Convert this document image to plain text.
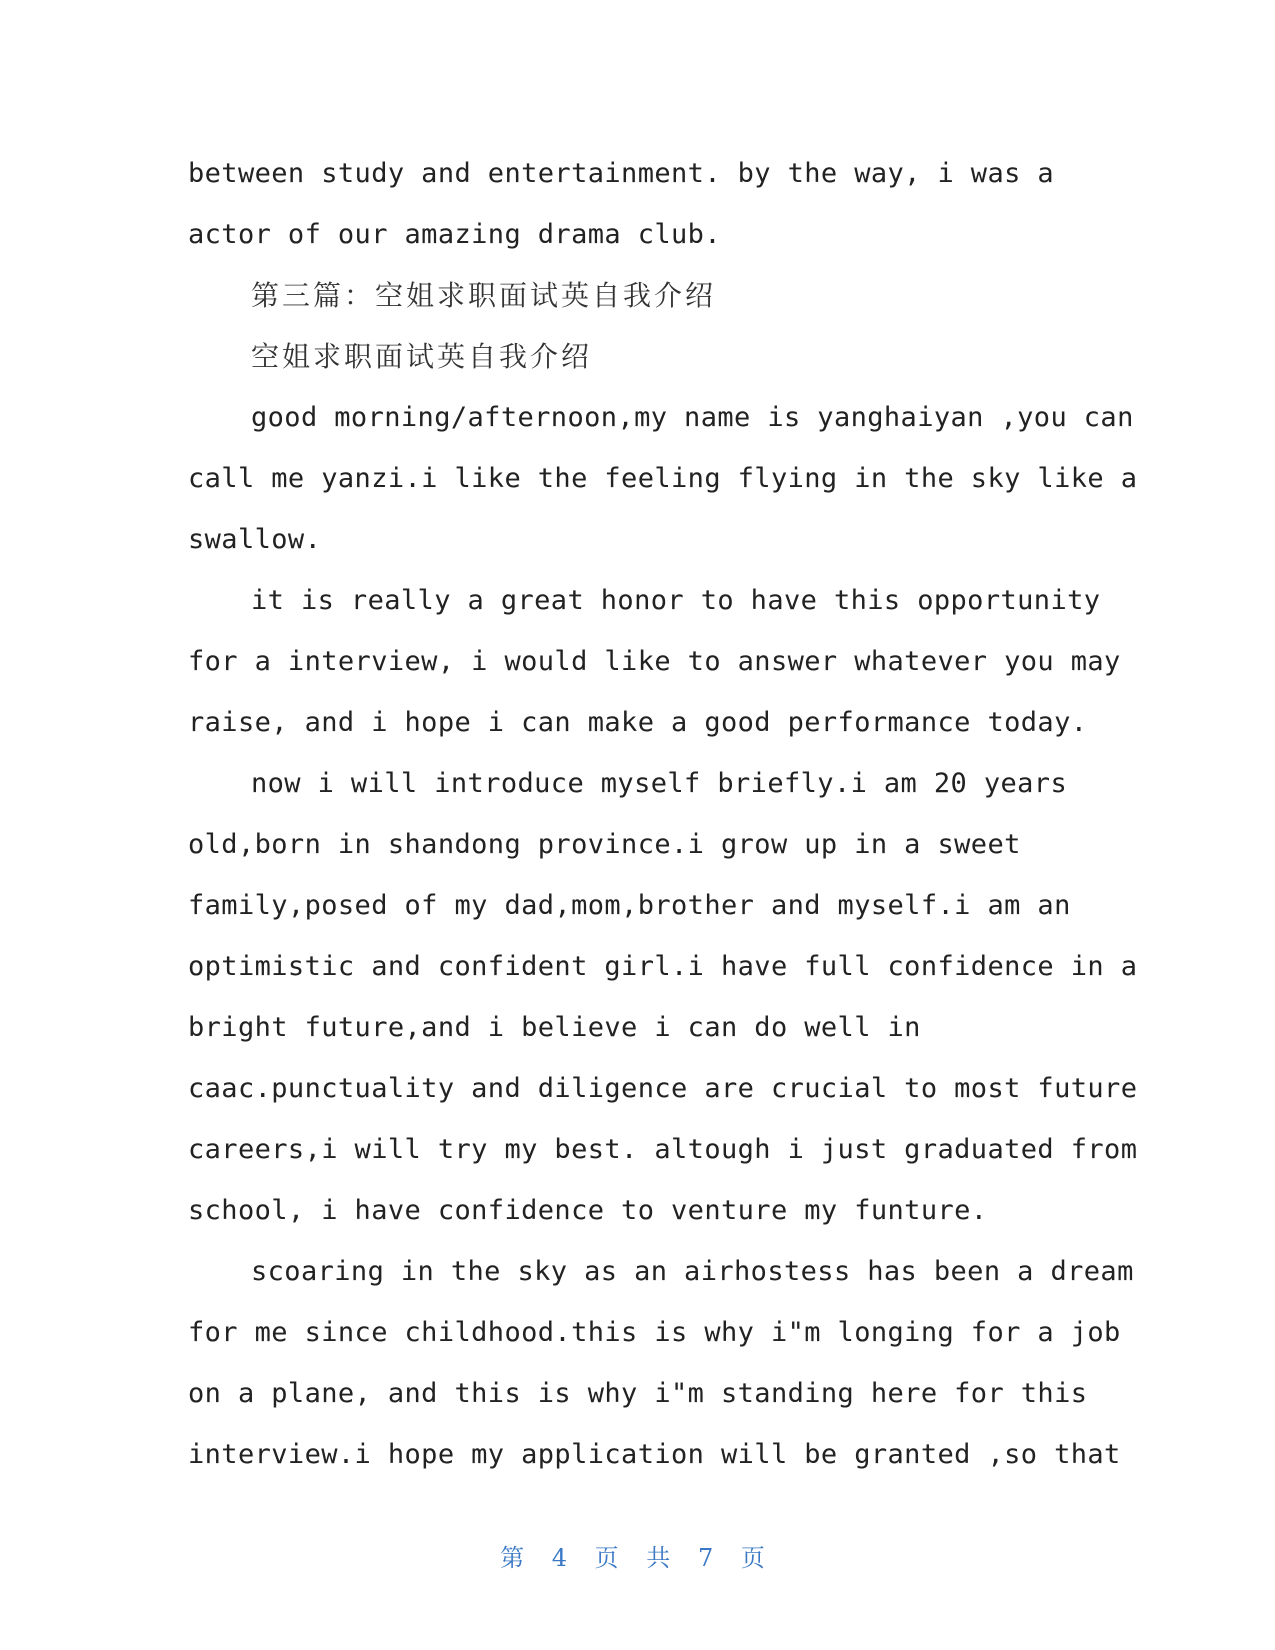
between study and entertainment. by the way, i was a
actor of our amazing drama club.
第三篇：空姐求职面试英自我介绍
空姐求职面试英自我介绍
good morning/afternoon,my name is yanghaiyan ,you can
call me yanzi.i like the feeling flying in the sky like a
swallow.
it is really a great honor to have this opportunity
for a interview, i would like to answer whatever you may
raise, and i hope i can make a good performance today.
now i will introduce myself briefly.i am 20 years
old,born in shandong province.i grow up in a sweet
family,posed of my dad,mom,brother and myself.i am an
optimistic and confident girl.i have full confidence in a
bright future,and i believe i can do well in
caac.punctuality and diligence are crucial to most future
careers,i will try my best. altough i just graduated from
school, i have confidence to venture my funture.
scoaring in the sky as an airhostess has been a dream
for me since childhood.this is why i"m longing for a job
on a plane, and this is why i"m standing here for this
interview.i hope my application will be granted ,so that
第 4 页 共 7 页
